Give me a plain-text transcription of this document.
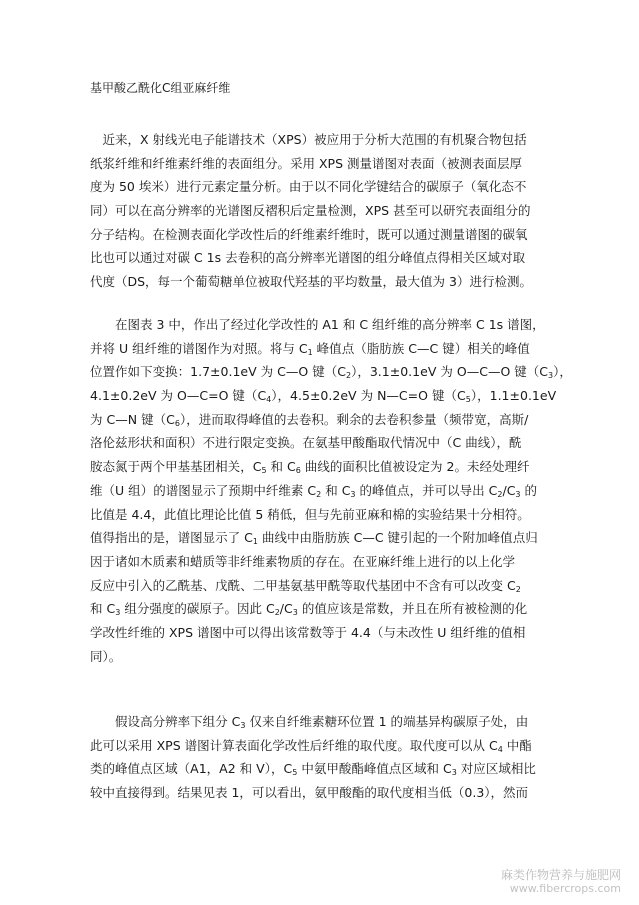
基甲酸乙酰化C组亚麻纤维
　近来，X 射线光电子能谱技术（XPS）被应用于分析大范围的有机聚合物包括
纸浆纤维和纤维素纤维的表面组分。采用 XPS 测量谱图对表面（被测表面层厚
度为 50 埃米）进行元素定量分析。由于以不同化学键结合的碳原子（氧化态不
同）可以在高分辨率的光谱图反褶积后定量检测，XPS 甚至可以研究表面组分的
分子结构。在检测表面化学改性后的纤维素纤维时，既可以通过测量谱图的碳氧
比也可以通过对碳 C 1s 去卷积的高分辨率光谱图的组分峰值点得相关区域对取
代度（DS，每一个葡萄糖单位被取代羟基的平均数量，最大值为 3）进行检测。
　　在图表 3 中，作出了经过化学改性的 A1 和 C 组纤维的高分辨率 C 1s 谱图，
并将 U 组纤维的谱图作为对照。将与 $C_1$ 峰值点（脂肪族 C—C 键）相关的峰值
位置作如下变换：1.7±0.1eV 为 C—O 键$(C_2)$，3.1±0.1eV 为 O—C—O 键$(C_3)$，
4.1±0.2eV 为 O—C=O 键$(C_4)$，4.5±0.2eV 为 N—C=O 键$(C_5)$，1.1±0.1eV
为 C—N 键$(C_6)$，进而取得峰值的去卷积。剩余的去卷积参量（频带宽，高斯/
洛伦兹形状和面积）不进行限定变换。在氨基甲酸酯取代情况中（C 曲线），酰
胺态氮于两个甲基基团相关，$C_5$ 和 $C_6$ 曲线的面积比值被设定为 2。未经处理纤
维（U 组）的谱图显示了预期中纤维素 $C_2$ 和 $C_3$ 的峰值点，并可以导出 $C_2/C_3$ 的
比值是 4.4，此值比理论比值 5 稍低，但与先前亚麻和棉的实验结果十分相符。
值得指出的是，谱图显示了 $C_1$ 曲线中由脂肪族 C—C 键引起的一个附加峰值点归
因于诸如木质素和蜡质等非纤维素物质的存在。在亚麻纤维上进行的以上化学
反应中引入的乙酰基、戊酰、二甲基氨基甲酰等取代基团中不含有可以改变 $C_2$
和 $C_3$ 组分强度的碳原子。因此 $C_2/C_3$ 的值应该是常数，并且在所有被检测的化
学改性纤维的 XPS 谱图中可以得出该常数等于 4.4（与未改性 U 组纤维的值相
同）。
　　假设高分辨率下组分 $C_3$ 仅来自纤维素糖环位置 1 的端基异构碳原子处，由
此可以采用 XPS 谱图计算表面化学改性后纤维的取代度。取代度可以从 $C_4$ 中酯
类的峰值点区域（A1，A2 和 V），$C_5$ 中氨甲酸酯峰值点区域和 $C_3$ 对应区域相比
较中直接得到。结果见表 1，可以看出，氨甲酸酯的取代度相当低（0.3），然而
麻类作物营养与施肥网
www.fibercrops.com
